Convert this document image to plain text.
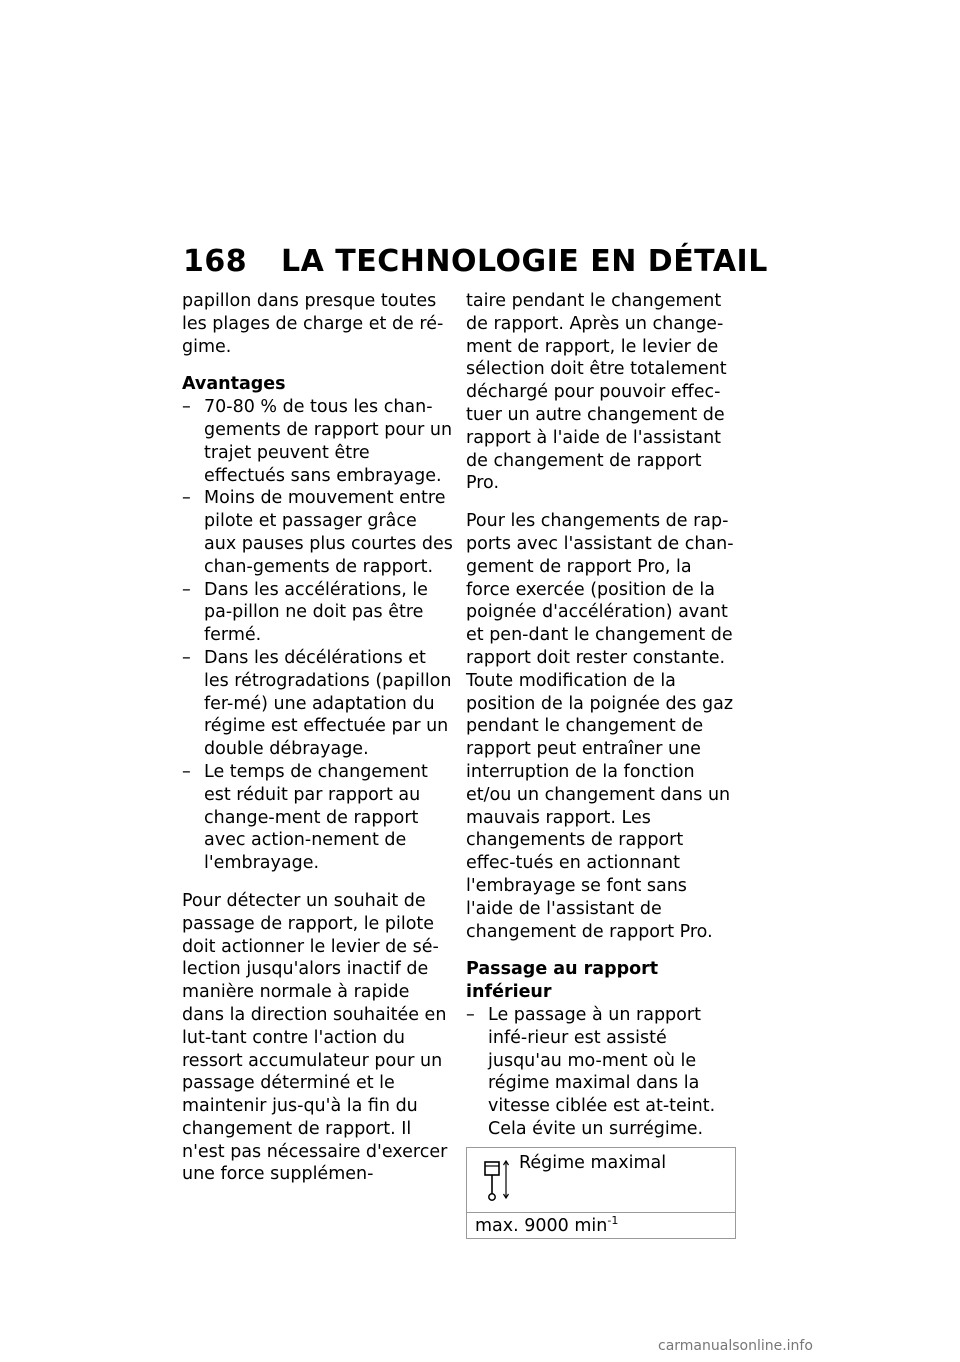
168 LA TECHNOLOGIE EN DÉTAIL

papillon dans presque toutes les plages de charge et de ré-gime.

Avantages
– 70-80 % de tous les chan-gements de rapport pour un trajet peuvent être effectués sans embrayage.
– Moins de mouvement entre pilote et passager grâce aux pauses plus courtes des chan-gements de rapport.
– Dans les accélérations, le pa-pillon ne doit pas être fermé.
– Dans les décélérations et les rétrogradations (papillon fer-mé) une adaptation du régime est effectuée par un double débrayage.
– Le temps de changement est réduit par rapport au change-ment de rapport avec action-nement de l'embrayage.

Pour détecter un souhait de passage de rapport, le pilote doit actionner le levier de sé-lection jusqu'alors inactif de manière normale à rapide dans la direction souhaitée en lut-tant contre l'action du ressort accumulateur pour un passage déterminé et le maintenir jus-qu'à la fin du changement de rapport. Il n'est pas nécessaire d'exercer une force supplémen-

taire pendant le changement de rapport. Après un change-ment de rapport, le levier de sélection doit être totalement déchargé pour pouvoir effec-tuer un autre changement de rapport à l'aide de l'assistant de changement de rapport Pro.

Pour les changements de rap-ports avec l'assistant de chan-gement de rapport Pro, la force exercée (position de la poignée d'accélération) avant et pen-dant le changement de rapport doit rester constante. Toute modification de la position de la poignée des gaz pendant le changement de rapport peut entraîner une interruption de la fonction et/ou un changement dans un mauvais rapport. Les changements de rapport effec-tués en actionnant l'embrayage se font sans l'aide de l'assistant de changement de rapport Pro.

Passage au rapport inférieur
– Le passage à un rapport infé-rieur est assisté jusqu'au mo-ment où le régime maximal dans la vitesse ciblée est at-teint. Cela évite un surrégime.
Régime maximal
max. 9000 $\min^{-1}$
carmanualsonline.info
